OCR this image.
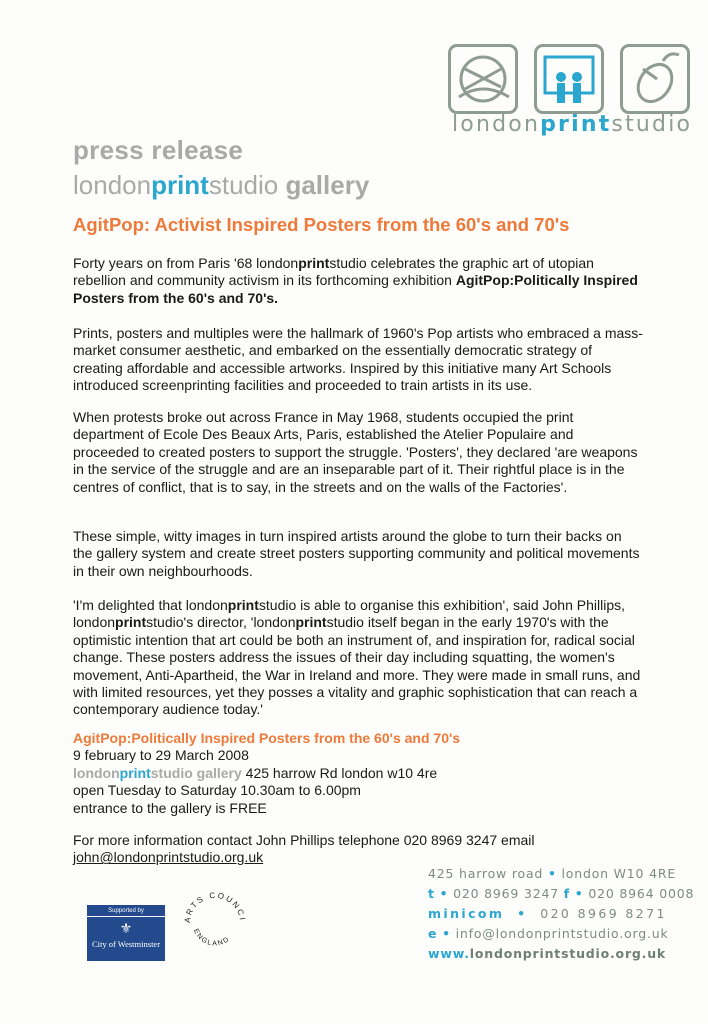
londonprintstudio
press release
londonprintstudio gallery
AgitPop: Activist Inspired Posters from the 60's and 70's
Forty years on from Paris '68 londonprintstudio celebrates the graphic art of utopian rebellion and community activism in its forthcoming exhibition AgitPop:Politically Inspired Posters from the 60's and 70's.
Prints, posters and multiples were the hallmark of 1960's Pop artists who embraced a mass-market consumer aesthetic, and embarked on the essentially democratic strategy of creating affordable and accessible artworks. Inspired by this initiative many Art Schools introduced screenprinting facilities and proceeded to train artists in its use.
When protests broke out across France in May 1968, students occupied the print department of Ecole Des Beaux Arts, Paris, established the Atelier Populaire and proceeded to created posters to support the struggle. 'Posters', they declared 'are weapons in the service of the struggle and are an inseparable part of it. Their rightful place is in the centres of conflict, that is to say, in the streets and on the walls of the Factories'.
These simple, witty images in turn inspired artists around the globe to turn their backs on the gallery system and create street posters supporting community and political movements in their own neighbourhoods.
'I'm delighted that londonprintstudio is able to organise this exhibition', said John Phillips, londonprintstudio's director, 'londonprintstudio itself began in the early 1970's with the optimistic intention that art could be both an instrument of, and inspiration for, radical social change. These posters address the issues of their day including squatting, the women's movement, Anti-Apartheid, the War in Ireland and more. They were made in small runs, and with limited resources, yet they posses a vitality and graphic sophistication that can reach a contemporary audience today.'
AgitPop:Politically Inspired Posters from the 60's and 70's
9 february to 29 March 2008
londonprintstudio gallery 425 harrow Rd london w10 4re
open Tuesday to Saturday 10.30am to 6.00pm
entrance to the gallery is FREE
For more information contact John Phillips telephone 020 8969 3247 email
john@londonprintstudio.org.uk
425 harrow road • london W10 4RE
t • 020 8969 3247 f • 020 8964 0008
minicom • 020 8969 8271
e • info@londonprintstudio.org.uk
www.londonprintstudio.org.uk
Supported by
⚜
City of Westminster
ARTS COUNCI
ENGLAND
